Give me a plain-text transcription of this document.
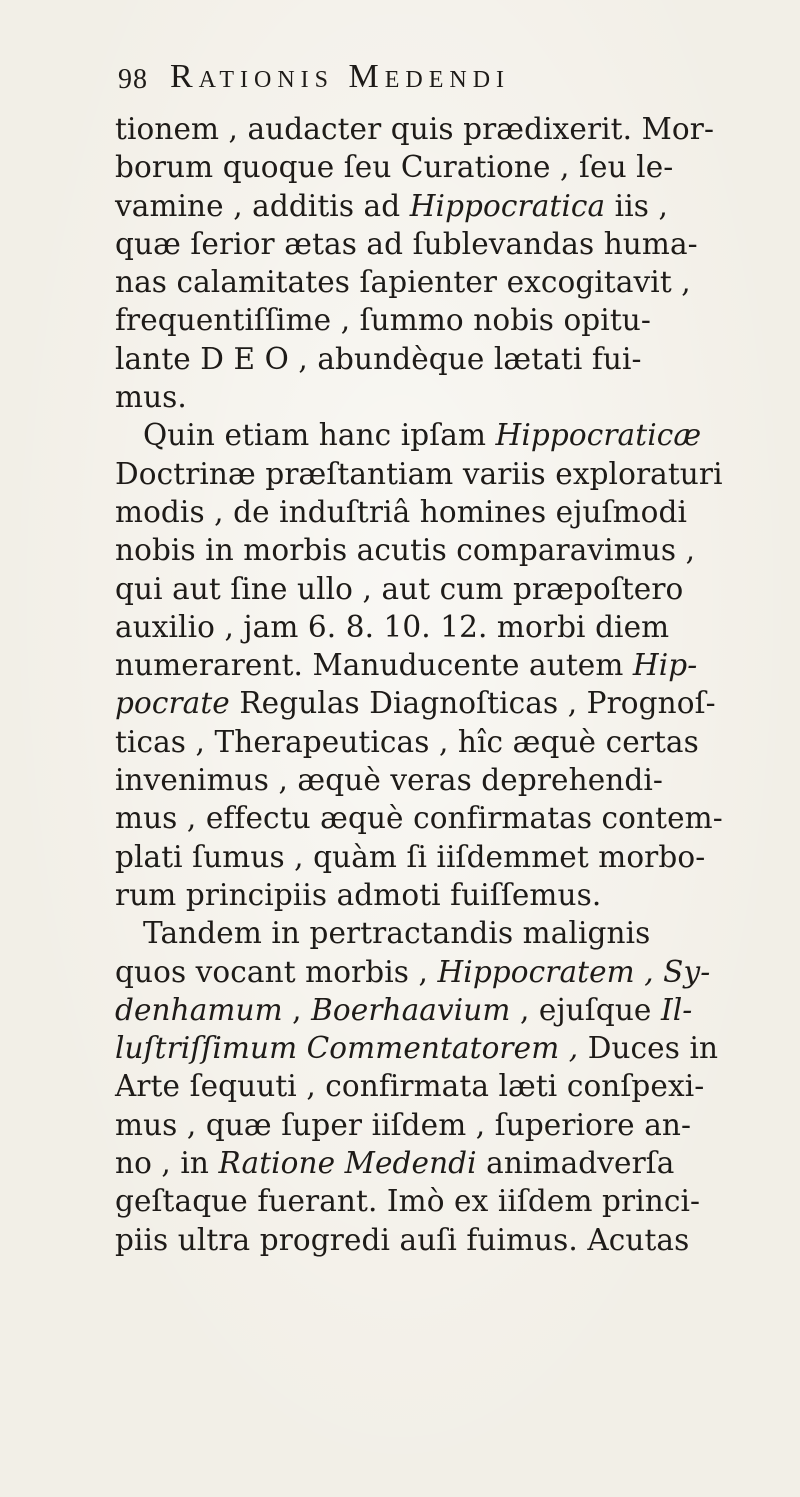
98 Rationis Medendi
tionem , audacter quis prædixerit. Mor-
borum quoque ſeu Curatione , ſeu le-
vamine , additis ad Hippocratica iis ,
quæ ſerior ætas ad ſublevandas huma-
nas calamitates ſapienter excogitavit ,
frequentiſſime , ſummo nobis opitu-
lante D E O , abundèque lætati fui-
mus.
Quin etiam hanc ipſam Hippocraticæ
Doctrinæ præſtantiam variis exploraturi
modis , de induſtriâ homines ejuſmodi
nobis in morbis acutis comparavimus ,
qui aut ſine ullo , aut cum præpoſtero
auxilio , jam 6. 8. 10. 12. morbi diem
numerarent. Manuducente autem Hip-
pocrate Regulas Diagnoſticas , Prognoſ-
ticas , Therapeuticas , hîc æquè certas
invenimus , æquè veras deprehendi-
mus , effectu æquè confirmatas contem-
plati ſumus , quàm ſi iiſdemmet morbo-
rum principiis admoti fuiſſemus.
Tandem in pertractandis malignis
quos vocant morbis , Hippocratem , Sy-
denhamum , Boerhaavium , ejuſque Il-
luſtriſſimum Commentatorem , Duces in
Arte ſequuti , confirmata læti conſpexi-
mus , quæ ſuper iiſdem , ſuperiore an-
no , in Ratione Medendi animadverſa
geſtaque fuerant. Imò ex iiſdem princi-
piis ultra progredi auſi fuimus. Acutas
